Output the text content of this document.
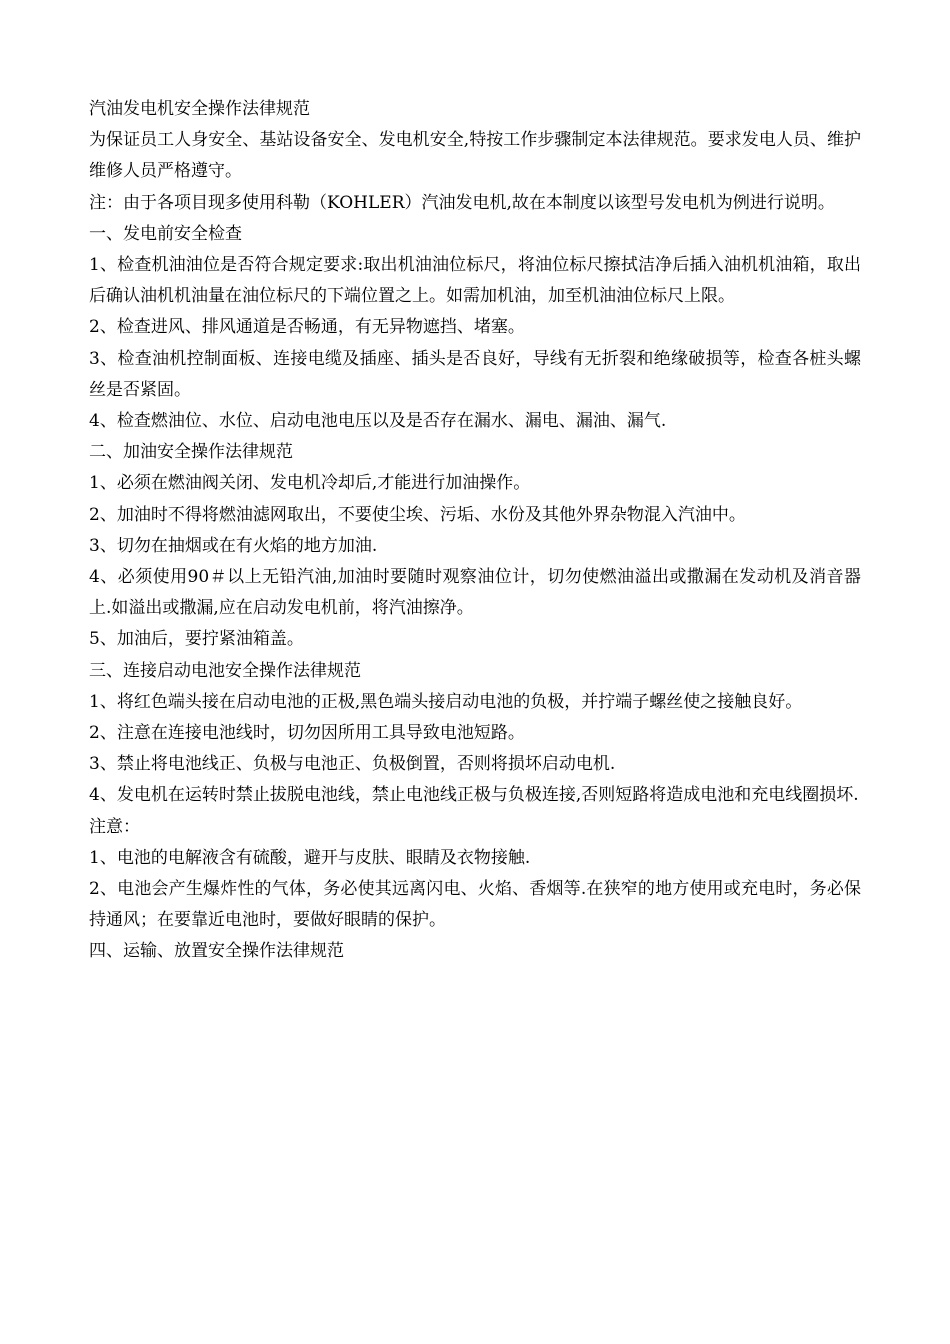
汽油发电机安全操作法律规范

为保证员工人身安全、基站设备安全、发电机安全,特按工作步骤制定本法律规范。要求发电人员、维护维修人员严格遵守。

注：由于各项目现多使用科勒（KOHLER）汽油发电机,故在本制度以该型号发电机为例进行说明。

一、发电前安全检查

1、检查机油油位是否符合规定要求:取出机油油位标尺，将油位标尺擦拭洁净后插入油机机油箱，取出后确认油机机油量在油位标尺的下端位置之上。如需加机油，加至机油油位标尺上限。

2、检查进风、排风通道是否畅通，有无异物遮挡、堵塞。

3、检查油机控制面板、连接电缆及插座、插头是否良好，导线有无折裂和绝缘破损等，检查各桩头螺丝是否紧固。

4、检查燃油位、水位、启动电池电压以及是否存在漏水、漏电、漏油、漏气.

二、加油安全操作法律规范

1、必须在燃油阀关闭、发电机冷却后,才能进行加油操作。

2、加油时不得将燃油滤网取出，不要使尘埃、污垢、水份及其他外界杂物混入汽油中。

3、切勿在抽烟或在有火焰的地方加油.

4、必须使用90＃以上无铅汽油,加油时要随时观察油位计，切勿使燃油溢出或撒漏在发动机及消音器上.如溢出或撒漏,应在启动发电机前，将汽油擦净。

5、加油后，要拧紧油箱盖。

三、连接启动电池安全操作法律规范

1、将红色端头接在启动电池的正极,黑色端头接启动电池的负极，并拧端子螺丝使之接触良好。

2、注意在连接电池线时，切勿因所用工具导致电池短路。

3、禁止将电池线正、负极与电池正、负极倒置，否则将损坏启动电机.

4、发电机在运转时禁止拔脱电池线，禁止电池线正极与负极连接,否则短路将造成电池和充电线圈损坏.

注意：

1、电池的电解液含有硫酸，避开与皮肤、眼睛及衣物接触.

2、电池会产生爆炸性的气体，务必使其远离闪电、火焰、香烟等.在狭窄的地方使用或充电时，务必保持通风；在要靠近电池时，要做好眼睛的保护。

四、运输、放置安全操作法律规范
